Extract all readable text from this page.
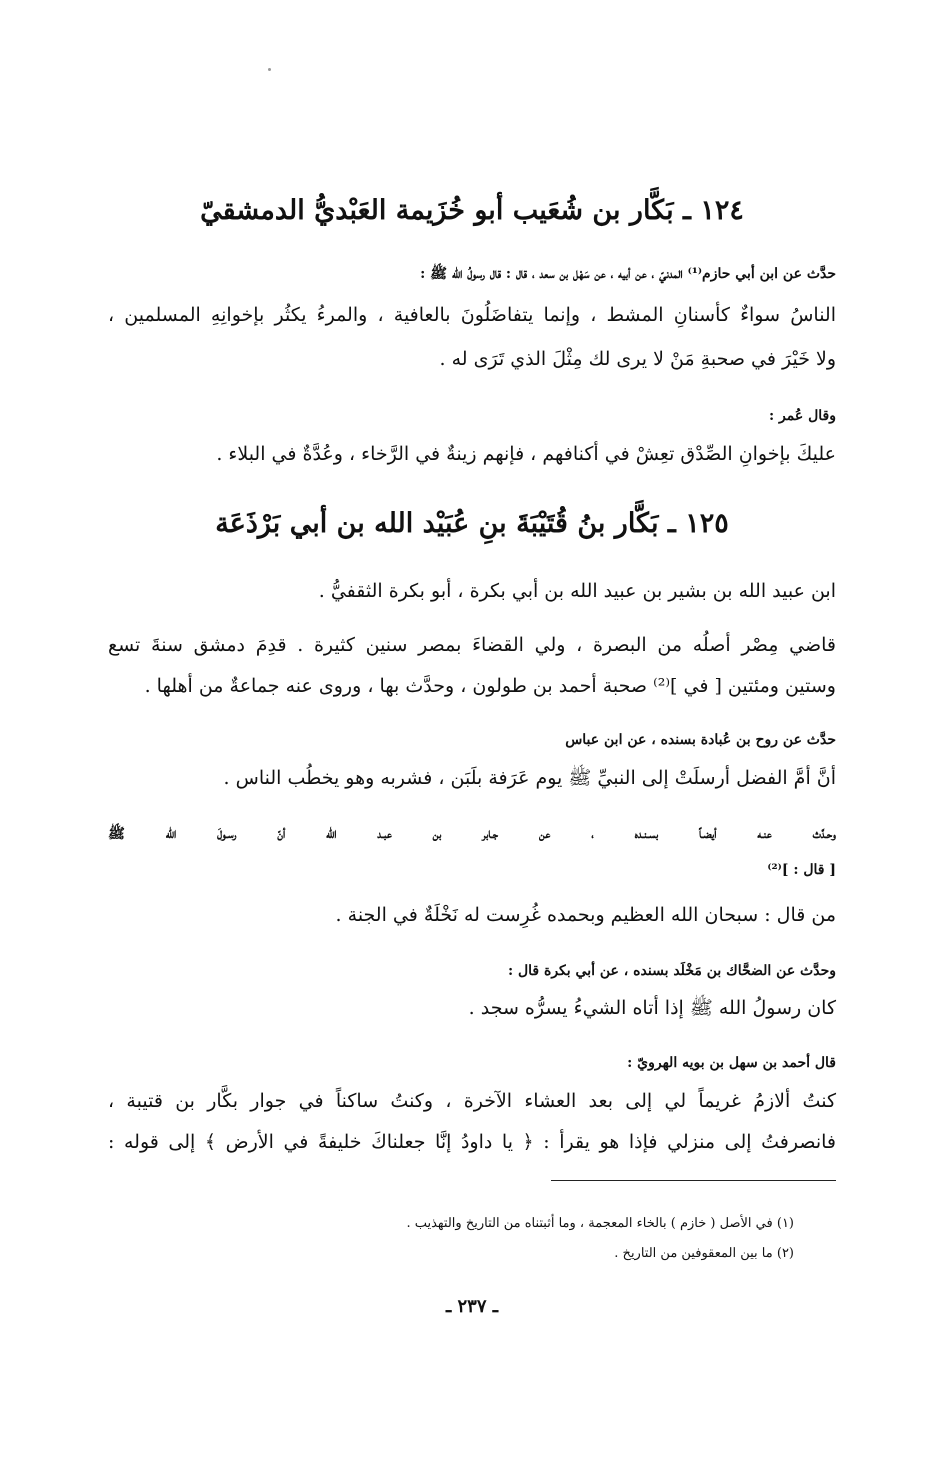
١٢٤ ـ بَكَّار بن شُعَيب أبو خُزَيمة العَبْديُّ الدمشقيّ
حدَّث عن ابن أبي حازم⁽¹⁾ المدنيّ ، عن أبيه ، عن سَهْل بن سعد ، قال : قال رسولُ الله ﷺ :
الناسُ سواءٌ كأسنانِ المشط ، وإنما يتفاضَلُونَ بالعافية ، والمرءُ يكثُر بإخوانِهِ المسلمين ،
ولا خَيْرَ في صحبةِ مَنْ لا يرى لك مِثْلَ الذي تَرَى له .
وقال عُمر :
عليكَ بإخوانِ الصِّدْق تعِشْ في أكنافهم ، فإنهم زينةٌ في الرَّخاء ، وعُدَّةٌ في البلاء .
١٢٥ ـ بَكَّار بنُ قُتَيْبَةَ بنِ عُبَيْد الله بن أبي بَرْذَعَة
ابن عبيد الله بن بشير بن عبيد الله بن أبي بكرة ، أبو بكرة الثقفيُّ .
قاضي مِصْر أصلُه من البصرة ، ولي القضاءَ بمصر سنين كثيرة . قدِمَ دمشق سنةَ تسع
وستين ومئتين [ في ]⁽²⁾ صحبة أحمد بن طولون ، وحدَّث بها ، وروى عنه جماعةٌ من أهلها .
حدَّث عن روح بن عُبادة بسنده ، عن ابن عباس
أنَّ أمَّ الفضل أرسلَتْ إلى النبيِّ ﷺ يوم عَرَفة بلَبَن ، فشربه وهو يخطُب الناس .
وحـدَّث عنـه أيضـاً بسـنـده ، عن جـابر بن عبـد الله أنّ رسـولَ الله ﷺ
[ قال : ]⁽²⁾
من قال : سبحان الله العظيم وبحمده غُرِست له نَخْلَةٌ في الجنة .
وحدَّث عن الضحَّاك بن مَخْلَد بسنده ، عن أبي بكرة قال :
كان رسولُ الله ﷺ إذا أتاه الشيءُ يسرُّه سجد .
قال أحمد بن سهل بن بويه الهرويّ :
كنتُ ألازمُ غريماً لي إلى بعد العشاء الآخرة ، وكنتُ ساكناً في جوار بكَّار بن قتيبة ،
فانصرفتُ إلى منزلي فإذا هو يقرأ : ﴿ يا داودُ إنَّا جعلناكَ خليفةً في الأرض ﴾ إلى قوله :
(١) في الأصل ( خازم ) بالخاء المعجمة ، وما أثبتناه من التاريخ والتهذيب .
(٢) ما بين المعقوفين من التاريخ .
ـ ٢٣٧ ـ
